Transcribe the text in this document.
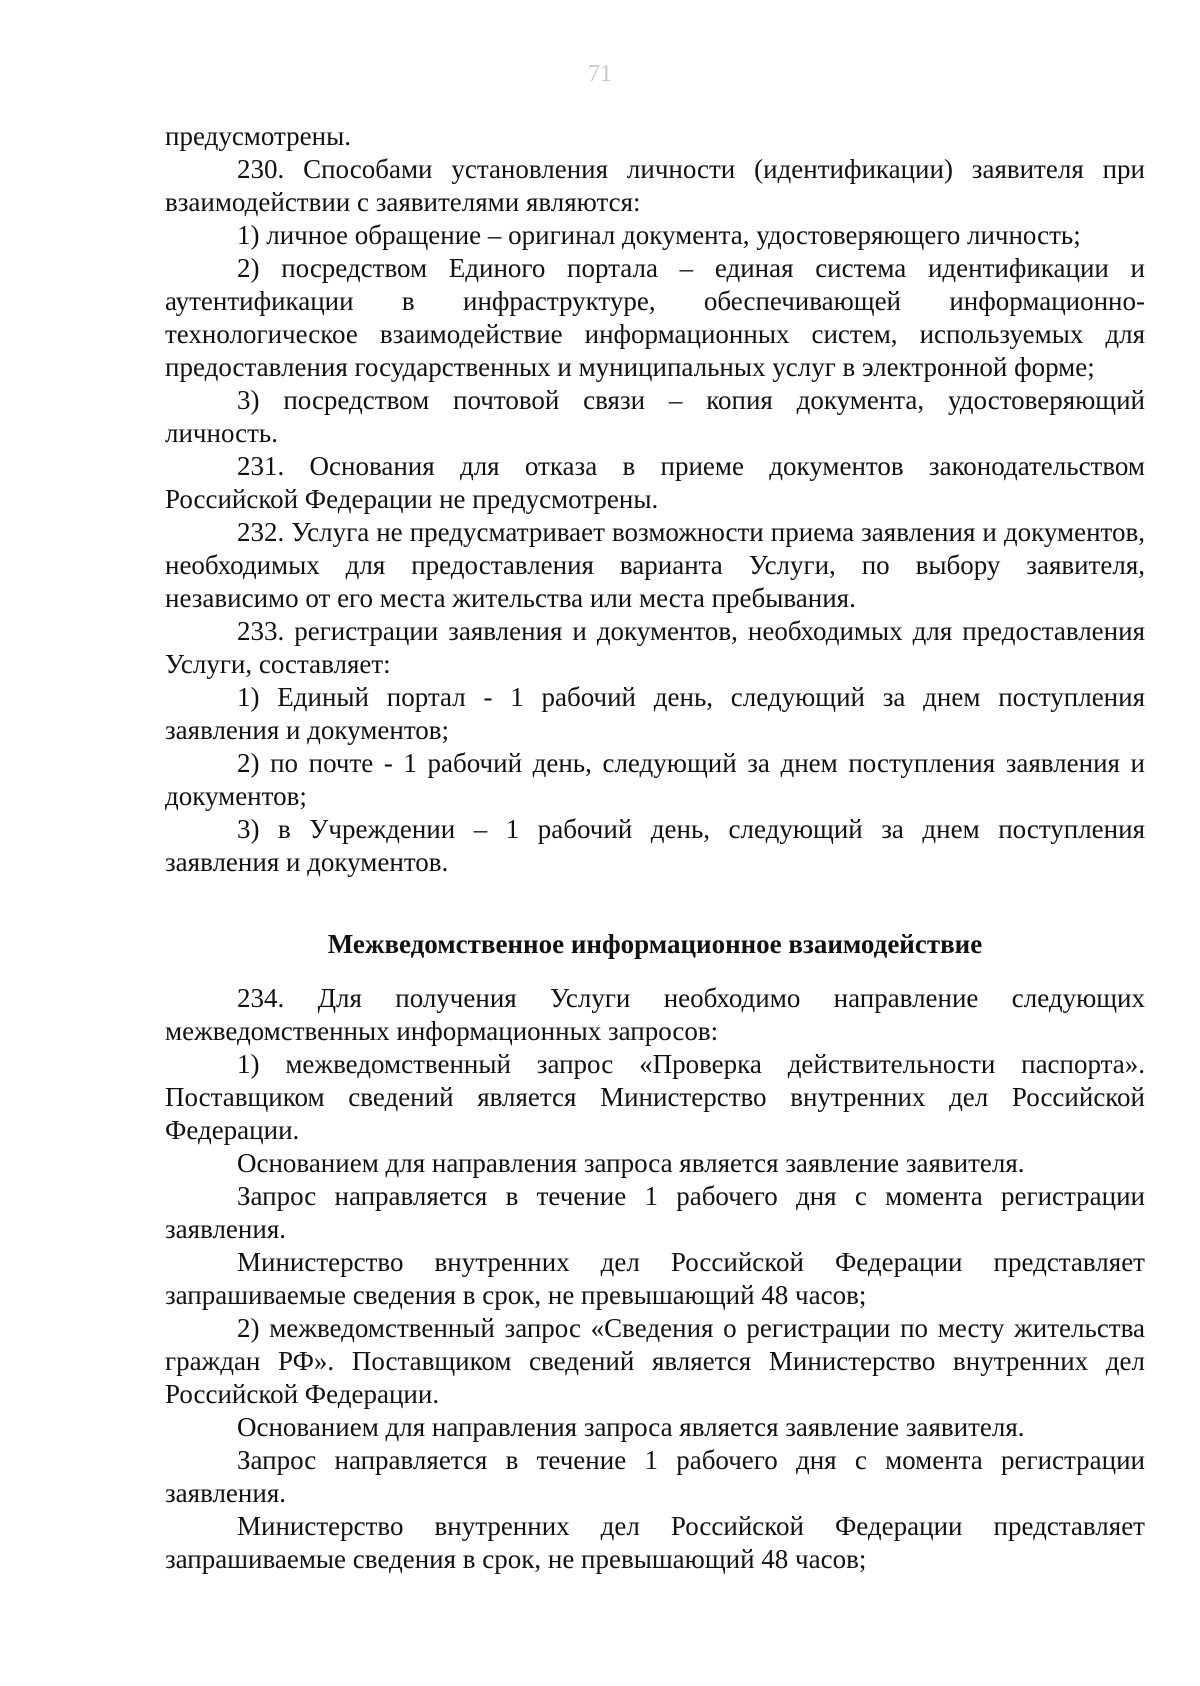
71

предусмотрены.

230. Способами установления личности (идентификации) заявителя при взаимодействии с заявителями являются:

1) личное обращение – оригинал документа, удостоверяющего личность;

2) посредством Единого портала – единая система идентификации и аутентификации в инфраструктуре, обеспечивающей информационно-технологическое взаимодействие информационных систем, используемых для предоставления государственных и муниципальных услуг в электронной форме;

3) посредством почтовой связи – копия документа, удостоверяющий личность.

231. Основания для отказа в приеме документов законодательством Российской Федерации не предусмотрены.

232. Услуга не предусматривает возможности приема заявления и документов, необходимых для предоставления варианта Услуги, по выбору заявителя, независимо от его места жительства или места пребывания.

233. регистрации заявления и документов, необходимых для предоставления Услуги, составляет:

1) Единый портал - 1 рабочий день, следующий за днем поступления заявления и документов;

2) по почте - 1 рабочий день, следующий за днем поступления заявления и документов;

3) в Учреждении – 1 рабочий день, следующий за днем поступления заявления и документов.

Межведомственное информационное взаимодействие

234. Для получения Услуги необходимо направление следующих межведомственных информационных запросов:

1) межведомственный запрос «Проверка действительности паспорта». Поставщиком сведений является Министерство внутренних дел Российской Федерации.

Основанием для направления запроса является заявление заявителя.

Запрос направляется в течение 1 рабочего дня с момента регистрации заявления.

Министерство внутренних дел Российской Федерации представляет запрашиваемые сведения в срок, не превышающий 48 часов;

2) межведомственный запрос «Сведения о регистрации по месту жительства граждан РФ». Поставщиком сведений является Министерство внутренних дел Российской Федерации.

Основанием для направления запроса является заявление заявителя.

Запрос направляется в течение 1 рабочего дня с момента регистрации заявления.

Министерство внутренних дел Российской Федерации представляет запрашиваемые сведения в срок, не превышающий 48 часов;
